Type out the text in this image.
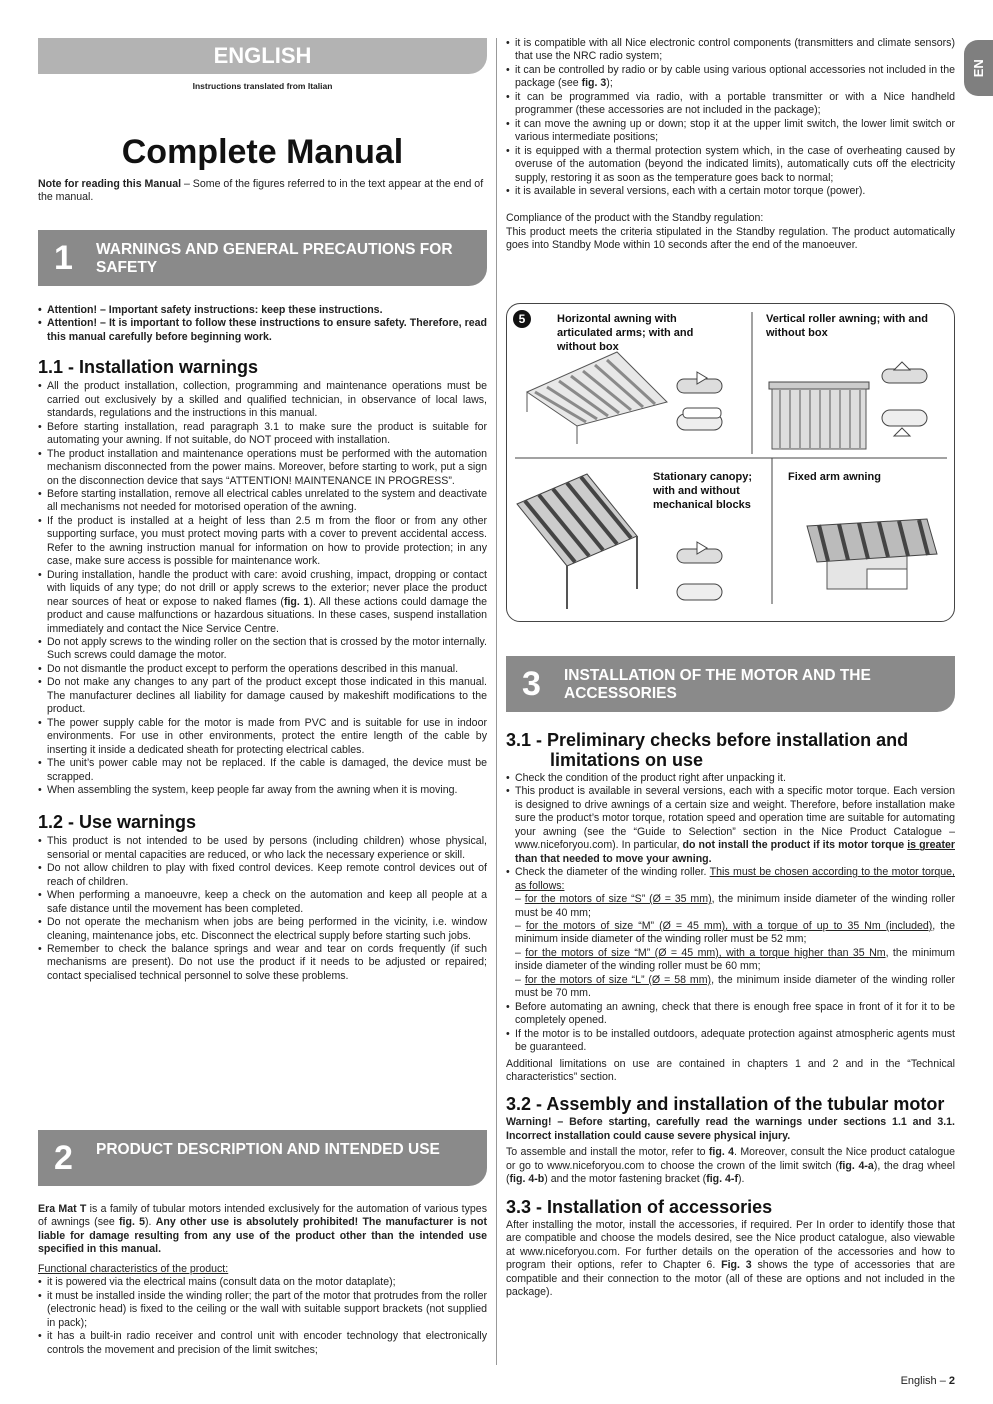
ENGLISH
Instructions translated from Italian
Complete Manual
Note for reading this Manual – Some of the figures referred to in the text appear at the end of the manual.
1 WARNINGS AND GENERAL PRECAUTIONS FOR SAFETY
• Attention! – Important safety instructions: keep these instructions.
• Attention! – It is important to follow these instructions to ensure safety. Therefore, read this manual carefully before beginning work.
1.1 - Installation warnings
• All the product installation, collection, programming and maintenance operations must be carried out exclusively by a skilled and qualified technician, in observance of local laws, standards, regulations and the instructions in this manual.
• Before starting installation, read paragraph 3.1 to make sure the product is suitable for automating your awning. If not suitable, do NOT proceed with installation.
• The product installation and maintenance operations must be performed with the automation mechanism disconnected from the power mains. Moreover, before starting to work, put a sign on the disconnection device that says “ATTENTION! MAINTENANCE IN PROGRESS”.
• Before starting installation, remove all electrical cables unrelated to the system and deactivate all mechanisms not needed for motorised operation of the awning.
• If the product is installed at a height of less than 2.5 m from the floor or from any other supporting surface, you must protect moving parts with a cover to prevent accidental access. Refer to the awning instruction manual for information on how to provide protection; in any case, make sure access is possible for maintenance work.
• During installation, handle the product with care: avoid crushing, impact, dropping or contact with liquids of any type; do not drill or apply screws to the exterior; never place the product near sources of heat or expose to naked flames (fig. 1). All these actions could damage the product and cause malfunctions or hazardous situations. In these cases, suspend installation immediately and contact the Nice Service Centre.
• Do not apply screws to the winding roller on the section that is crossed by the motor internally. Such screws could damage the motor.
• Do not dismantle the product except to perform the operations described in this manual.
• Do not make any changes to any part of the product except those indicated in this manual. The manufacturer declines all liability for damage caused by makeshift modifications to the product.
• The power supply cable for the motor is made from PVC and is suitable for use in indoor environments. For use in other environments, protect the entire length of the cable by inserting it inside a dedicated sheath for protecting electrical cables.
• The unit’s power cable may not be replaced. If the cable is damaged, the device must be scrapped.
• When assembling the system, keep people far away from the awning when it is moving.
1.2 - Use warnings
• This product is not intended to be used by persons (including children) whose physical, sensorial or mental capacities are reduced, or who lack the necessary experience or skill.
• Do not allow children to play with fixed control devices. Keep remote control devices out of reach of children.
• When performing a manoeuvre, keep a check on the automation and keep all people at a safe distance until the movement has been completed.
• Do not operate the mechanism when jobs are being performed in the vicinity, i.e. window cleaning, maintenance jobs, etc. Disconnect the electrical supply before starting such jobs.
• Remember to check the balance springs and wear and tear on cords frequently (if such mechanisms are present). Do not use the product if it needs to be adjusted or repaired; contact specialised technical personnel to solve these problems.
2 PRODUCT DESCRIPTION AND INTENDED USE

Era Mat T is a family of tubular motors intended exclusively for the automation of various types of awnings (see fig. 5). Any other use is absolutely prohibited! The manufacturer is not liable for damage resulting from any use of the product other than the intended use specified in this manual.

Functional characteristics of the product:

• it is powered via the electrical mains (consult data on the motor dataplate);
• it must be installed inside the winding roller; the part of the motor that protrudes from the roller (electronic head) is fixed to the ceiling or the wall with suitable support brackets (not supplied in pack);
• it has a built-in radio receiver and control unit with encoder technology that electronically controls the movement and precision of the limit switches;
• it is compatible with all Nice electronic control components (transmitters and climate sensors) that use the NRC radio system;
• it can be controlled by radio or by cable using various optional accessories not included in the package (see fig. 3);
• it can be programmed via radio, with a portable transmitter or with a Nice handheld programmer (these accessories are not included in the package);
• it can move the awning up or down; stop it at the upper limit switch, the lower limit switch or various intermediate positions;
• it is equipped with a thermal protection system which, in the case of overheating caused by overuse of the automation (beyond the indicated limits), automatically cuts off the electricity supply, restoring it as soon as the temperature goes back to normal;
• it is available in several versions, each with a certain motor torque (power).

Compliance of the product with the Standby regulation:

This product meets the criteria stipulated in the Standby regulation. The product automatically goes into Standby Mode within 10 seconds after the end of the manoeuver.

EN
5	Horizontal awning with articulated arms; with and without box
Vertical roller awning; with and without box
Stationary canopy; with and without mechanical blocks
Fixed arm awning
3 INSTALLATION OF THE MOTOR AND THE ACCESSORIES
3.1 - Preliminary checks before installation and
limitations on use
• Check the condition of the product right after unpacking it.
• This product is available in several versions, each with a specific motor torque. Each version is designed to drive awnings of a certain size and weight. Therefore, before installation make sure the product’s motor torque, rotation speed and operation time are suitable for automating your awning (see the “Guide to Selection” section in the Nice Product Catalogue – www.niceforyou.com). In particular, do not install the product if its motor torque is greater than that needed to move your awning.
• Check the diameter of the winding roller. This must be chosen according to the motor torque, as follows:
– for the motors of size “S” (Ø = 35 mm), the minimum inside diameter of the winding roller must be 40 mm;
– for the motors of size “M” (Ø = 45 mm), with a torque of up to 35 Nm (included), the minimum inside diameter of the winding roller must be 52 mm;
– for the motors of size “M” (Ø = 45 mm), with a torque higher than 35 Nm, the minimum inside diameter of the winding roller must be 60 mm;
– for the motors of size “L” (Ø = 58 mm), the minimum inside diameter of the winding roller must be 70 mm.
• Before automating an awning, check that there is enough free space in front of it for it to be completely opened.
• If the motor is to be installed outdoors, adequate protection against atmospheric agents must be guaranteed.

Additional limitations on use are contained in chapters 1 and 2 and in the “Technical characteristics” section.

3.2 - Assembly and installation of the tubular motor

Warning! – Before starting, carefully read the warnings under sections 1.1 and 3.1. Incorrect installation could cause severe physical injury.

To assemble and install the motor, refer to fig. 4. Moreover, consult the Nice product catalogue or go to www.niceforyou.com to choose the crown of the limit switch (fig. 4-a), the drag wheel (fig. 4-b) and the motor fastening bracket (fig. 4-f).

3.3 - Installation of accessories

After installing the motor, install the accessories, if required. Per In order to identify those that are compatible and choose the models desired, see the Nice product catalogue, also viewable at www.niceforyou.com. For further details on the operation of the accessories and how to program their options, refer to Chapter 6. Fig. 3 shows the type of accessories that are compatible and their connection to the motor (all of these are options and not included in the package).

English – 2
